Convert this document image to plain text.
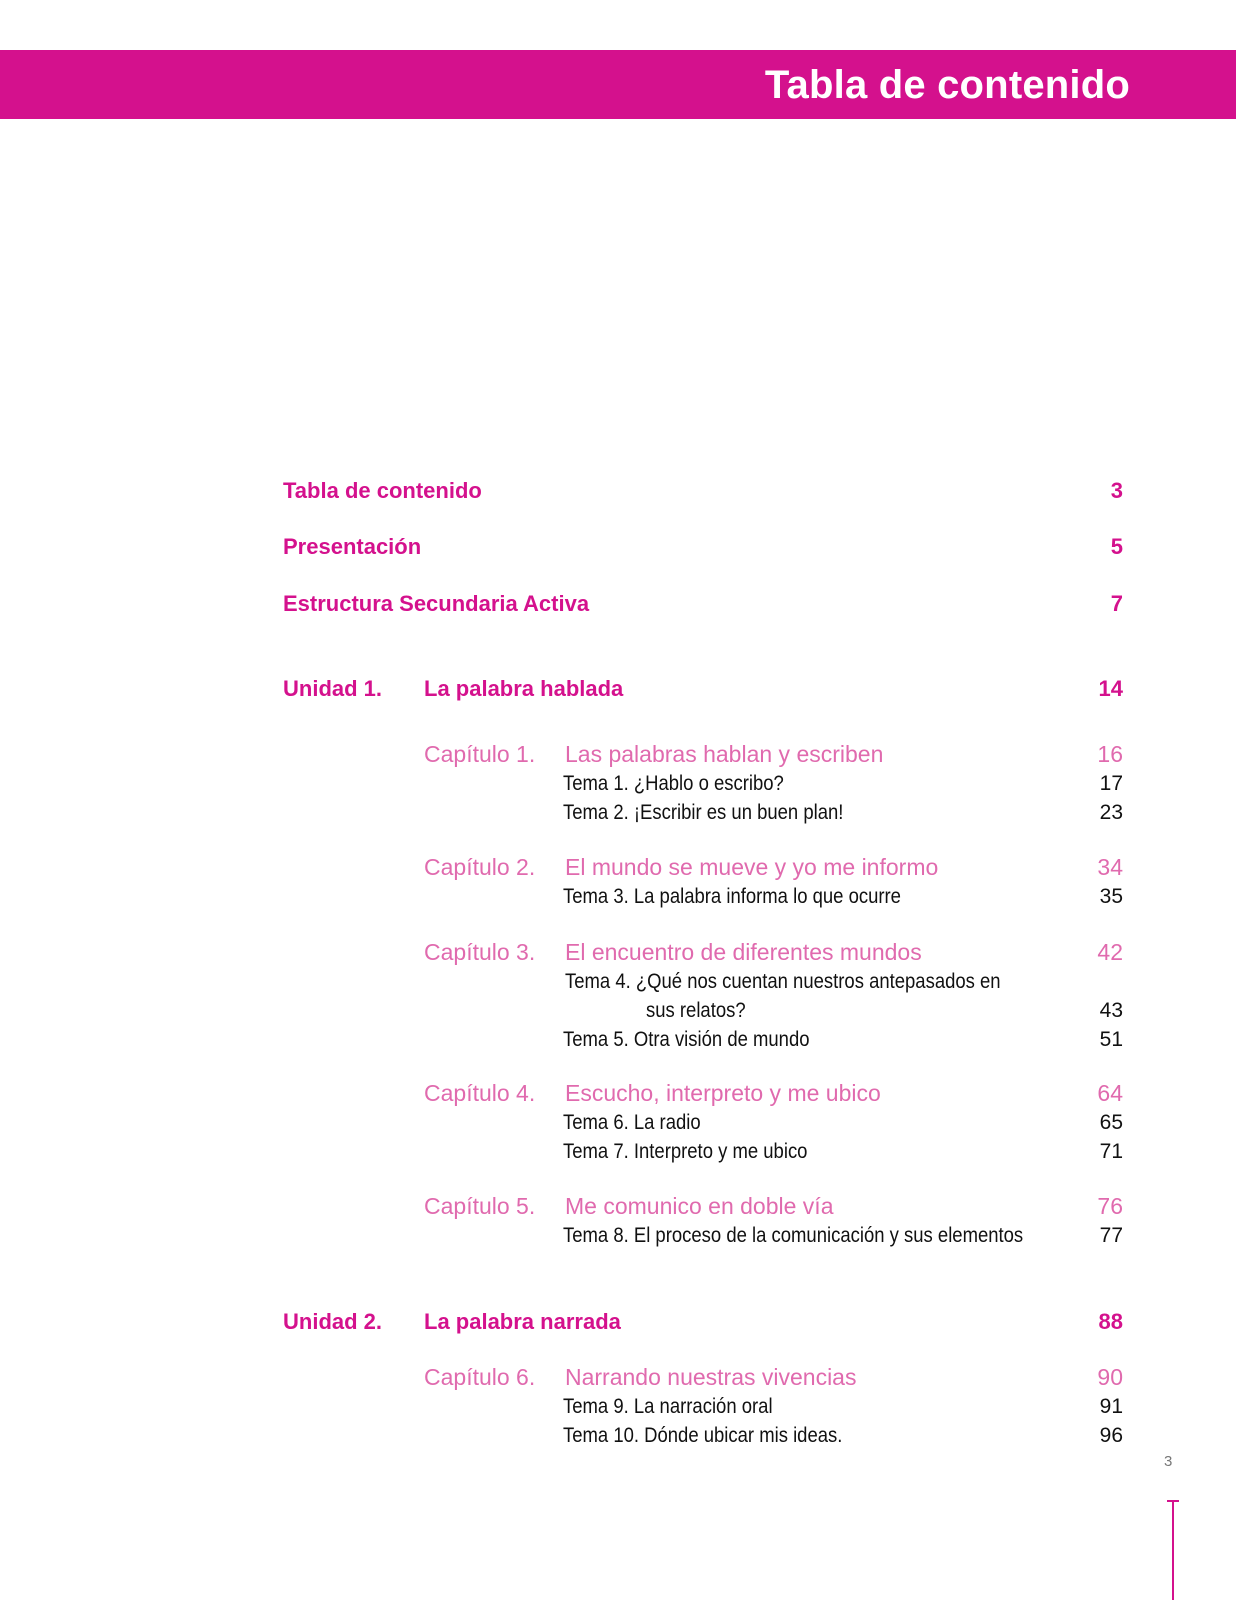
Tabla de contenido
Tabla de contenido	3
Presentación	5
Estructura Secundaria Activa	7
Unidad 1. La palabra hablada	14
Capítulo 1. Las palabras hablan y escriben	16
Tema 1. ¿Hablo o escribo?	17
Tema 2. ¡Escribir es un buen plan!	23
Capítulo 2. El mundo se mueve y yo me informo	34
Tema 3. La palabra informa lo que ocurre	35
Capítulo 3. El encuentro de diferentes mundos	42
Tema 4. ¿Qué nos cuentan nuestros antepasados en
sus relatos?	43
Tema 5. Otra visión de mundo	51
Capítulo 4. Escucho, interpreto y me ubico	64
Tema 6. La radio	65
Tema 7. Interpreto y me ubico	71
Capítulo 5. Me comunico en doble vía	76
Tema 8. El proceso de la comunicación y sus elementos	77
Unidad 2. La palabra narrada	88
Capítulo 6. Narrando nuestras vivencias	90
Tema 9. La narración oral	91
Tema 10. Dónde ubicar mis ideas.	96
3
